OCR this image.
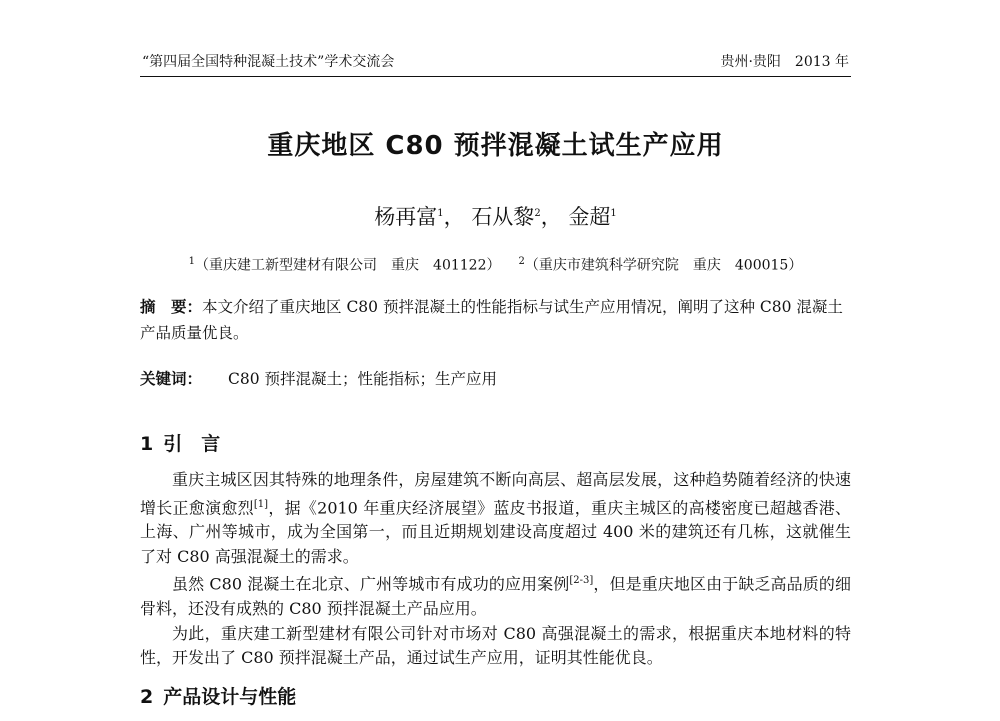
“第四届全国特种混凝土技术”学术交流会	贵州·贵阳　2013 年
重庆地区 C80 预拌混凝土试生产应用
杨再富$^1$， 石从黎$^2$， 金超$^1$
$^1$（重庆建工新型建材有限公司　重庆　401122） $^2$（重庆市建筑科学研究院　重庆　400015）
摘　要：本文介绍了重庆地区 C80 预拌混凝土的性能指标与试生产应用情况，阐明了这种 C80 混凝土产品质量优良。
关键词： C80 预拌混凝土；性能指标；生产应用
1 引　言

重庆主城区因其特殊的地理条件，房屋建筑不断向高层、超高层发展，这种趋势随着经济的快速增长正愈演愈烈[1]，据《2010 年重庆经济展望》蓝皮书报道，重庆主城区的高楼密度已超越香港、上海、广州等城市，成为全国第一，而且近期规划建设高度超过 400 米的建筑还有几栋，这就催生了对 C80 高强混凝土的需求。

虽然 C80 混凝土在北京、广州等城市有成功的应用案例[2-3]，但是重庆地区由于缺乏高品质的细骨料，还没有成熟的 C80 预拌混凝土产品应用。

为此，重庆建工新型建材有限公司针对市场对 C80 高强混凝土的需求，根据重庆本地材料的特性，开发出了 C80 预拌混凝土产品，通过试生产应用，证明其性能优良。

2 产品设计与性能
